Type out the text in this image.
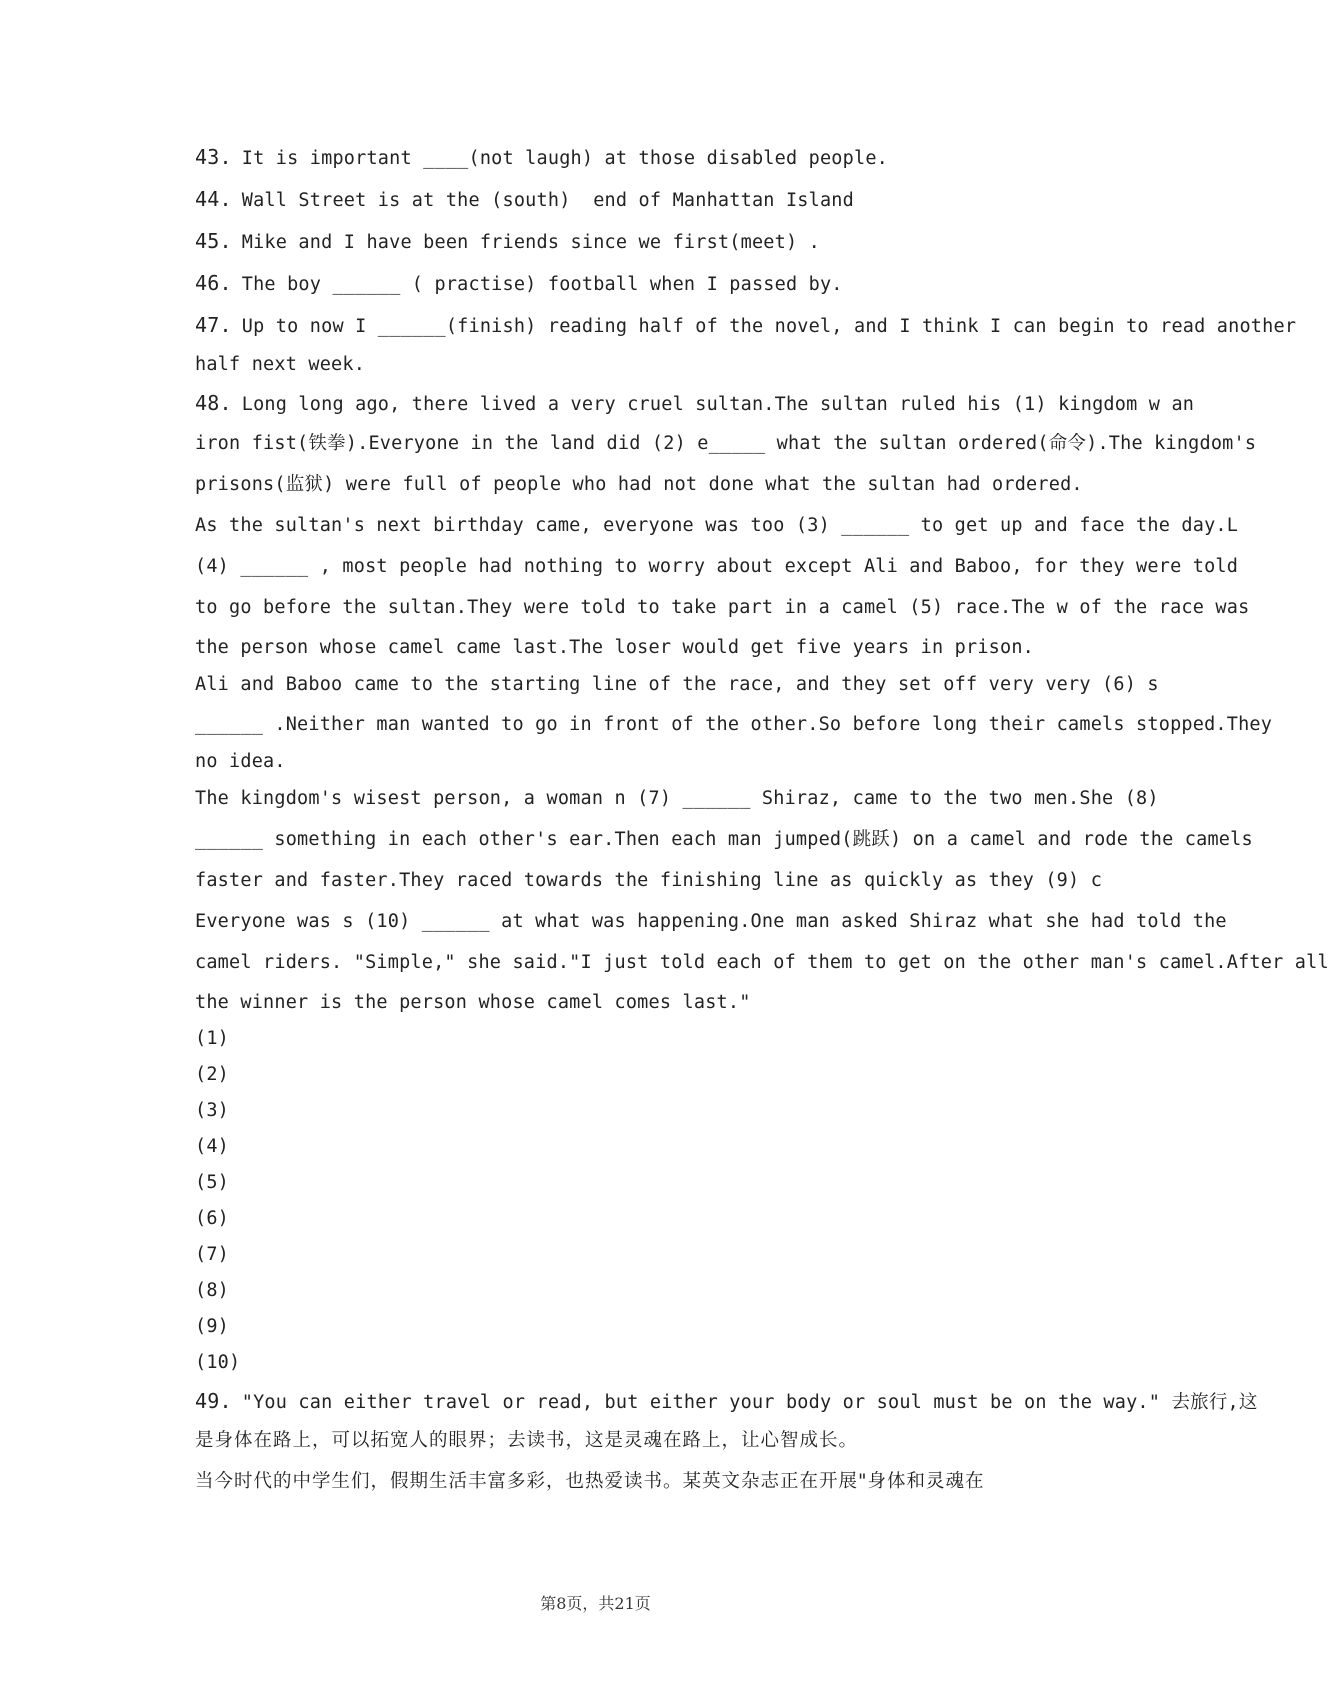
43. It is important ____(not laugh) at those disabled people.
44. Wall Street is at the (south)  end of Manhattan Island
45. Mike and I have been friends since we first(meet) .
46. The boy ______ ( practise) football when I passed by.
47. Up to now I ______(finish) reading half of the novel, and I think I can begin to read another
half next week.
48. Long long ago, there lived a very cruel sultan.The sultan ruled his (1) kingdom w an
iron fist(铁拳).Everyone in the land did (2) e_____ what the sultan ordered(命令).The kingdom's
prisons(监狱) were full of people who had not done what the sultan had ordered.
As the sultan's next birthday came, everyone was too (3) ______ to get up and face the day.L
(4) ______ , most people had nothing to worry about except Ali and Baboo, for they were told
to go before the sultan.They were told to take part in a camel (5) race.The w of the race was
the person whose camel came last.The loser would get five years in prison.
Ali and Baboo came to the starting line of the race, and they set off very very (6) s
______ .Neither man wanted to go in front of the other.So before long their camels stopped.They
no idea.
The kingdom's wisest person, a woman n (7) ______ Shiraz, came to the two men.She (8)
______ something in each other's ear.Then each man jumped(跳跃) on a camel and rode the camels
faster and faster.They raced towards the finishing line as quickly as they (9) c
Everyone was s (10) ______ at what was happening.One man asked Shiraz what she had told the
camel riders. "Simple," she said."I just told each of them to get on the other man's camel.After all
the winner is the person whose camel comes last."
(1)
(2)
(3)
(4)
(5)
(6)
(7)
(8)
(9)
(10)
49. "You can either travel or read, but either your body or soul must be on the way." 去旅行,这
是身体在路上，可以拓宽人的眼界；去读书，这是灵魂在路上，让心智成长。
当今时代的中学生们，假期生活丰富多彩，也热爱读书。某英文杂志正在开展"身体和灵魂在
第8页，共21页
